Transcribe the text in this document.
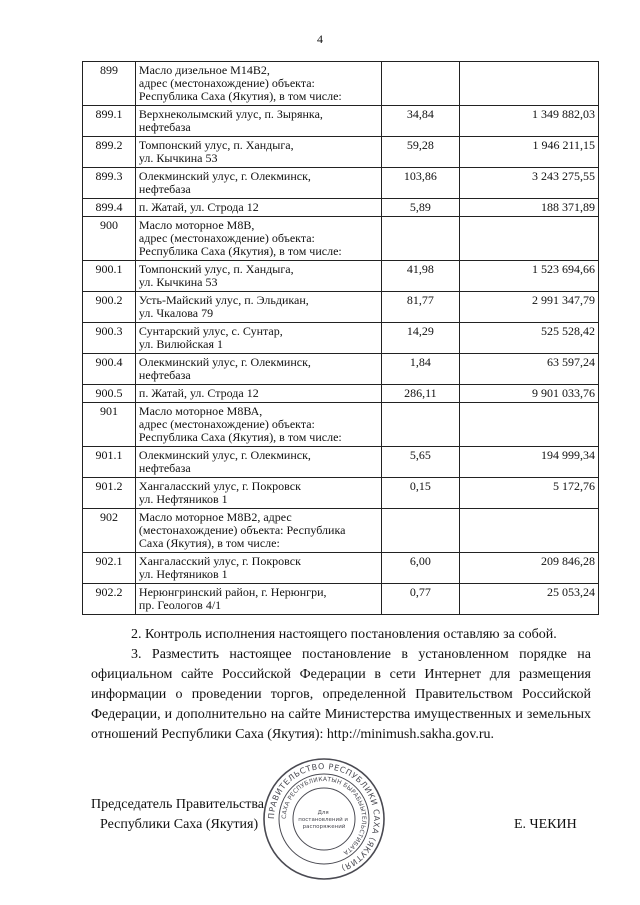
4
899	Масло дизельное М14В2,
адрес (местонахождение) объекта:
Республика Саха (Якутия), в том числе:		

899.1	Верхнеколымский улус, п. Зырянка,
нефтебаза	34,84	1 349 882,03
899.2	Томпонский улус, п. Хандыга,
ул. Кычкина 53	59,28	1 946 211,15
899.3	Олекминский улус, г. Олекминск,
нефтебаза	103,86	3 243 275,55
899.4	п. Жатай, ул. Строда 12	5,89	188 371,89
900	Масло моторное М8В,
адрес (местонахождение) объекта:
Республика Саха (Якутия), в том числе:		

900.1	Томпонский улус, п. Хандыга,
ул. Кычкина 53	41,98	1 523 694,66
900.2	Усть-Майский улус, п. Эльдикан,
ул. Чкалова 79	81,77	2 991 347,79
900.3	Сунтарский улус, с. Сунтар,
ул. Вилюйская 1	14,29	525 528,42
900.4	Олекминский улус, г. Олекминск,
нефтебаза	1,84	63 597,24
900.5	п. Жатай, ул. Строда 12	286,11	9 901 033,76
901	Масло моторное М8ВА,
адрес (местонахождение) объекта:
Республика Саха (Якутия), в том числе:		

901.1	Олекминский улус, г. Олекминск,
нефтебаза	5,65	194 999,34
901.2	Хангаласский улус, г. Покровск
ул. Нефтяников 1	0,15	5 172,76
902	Масло моторное М8В2, адрес
(местонахождение) объекта: Республика
Саха (Якутия), в том числе:		

902.1	Хангаласский улус, г. Покровск
ул. Нефтяников 1	6,00	209 846,28
902.2	Нерюнгринский район, г. Нерюнгри,
пр. Геологов 4/1	0,77	25 053,24
2. Контроль исполнения настоящего постановления оставляю за собой.
3. Разместить настоящее постановление в установленном порядке на официальном сайте Российской Федерации в сети Интернет для размещения информации о проведении торгов, определенной Правительством Российской Федерации, и дополнительно на сайте Министерства имущественных и земельных отношений Республики Саха (Якутия): http://minimush.sakha.gov.ru.
Председатель Правительства
Республики Саха (Якутия)	Е. ЧЕКИН
ПРАВИТЕЛЬСТВО РЕСПУБЛИКИ САХА (ЯКУТИЯ)
САХА РЕСПУБЛИКАТЫН БЫРАБЫЫТЕЛЬСТИБАТА
Для постановлений и распоряжений
